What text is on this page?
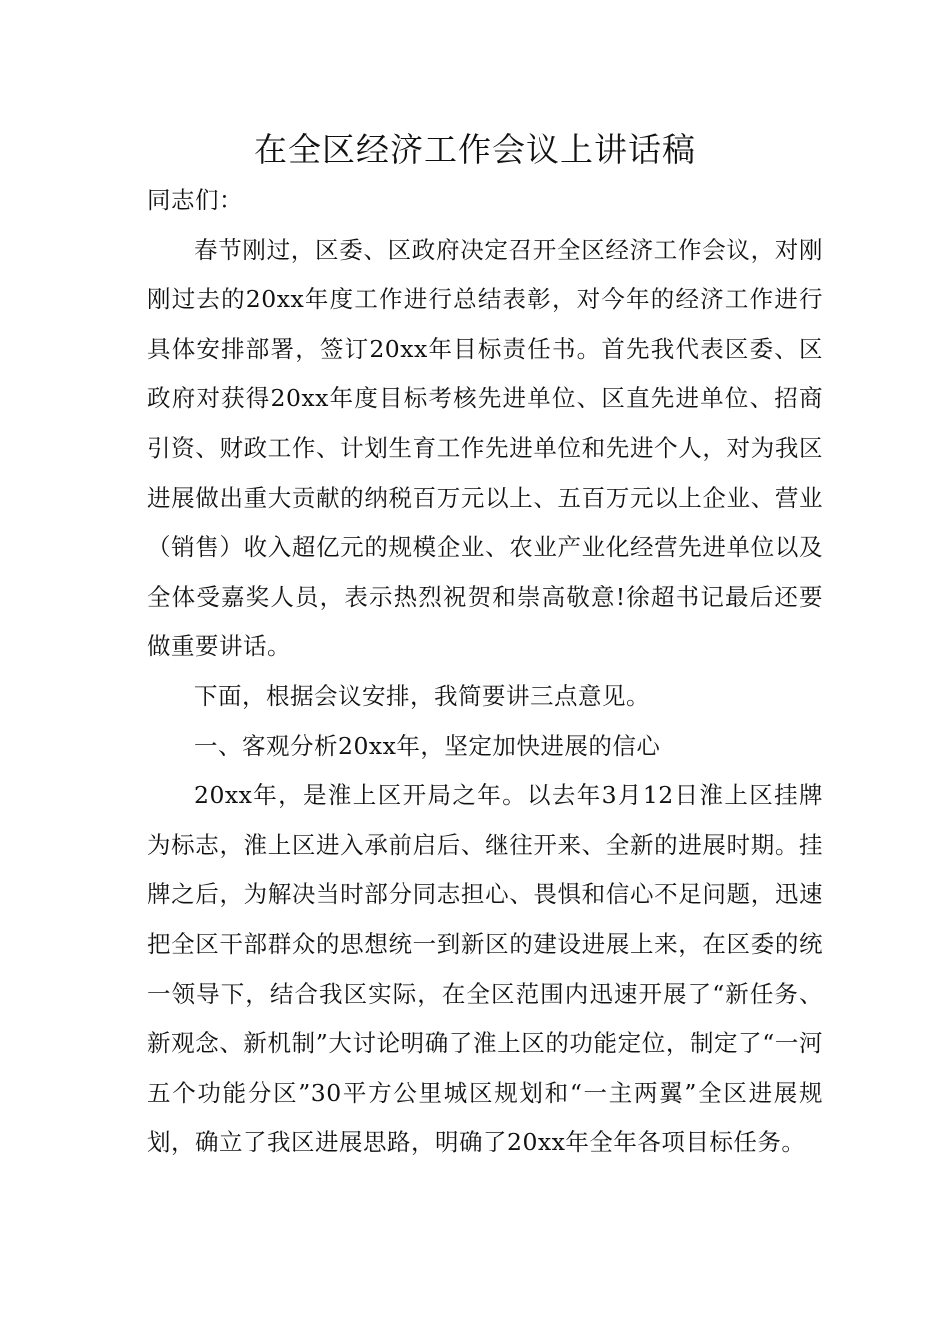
在全区经济工作会议上讲话稿

同志们：

春节刚过，区委、区政府决定召开全区经济工作会议，对刚刚过去的20xx年度工作进行总结表彰，对今年的经济工作进行具体安排部署，签订20xx年目标责任书。首先我代表区委、区政府对获得20xx年度目标考核先进单位、区直先进单位、招商引资、财政工作、计划生育工作先进单位和先进个人，对为我区进展做出重大贡献的纳税百万元以上、五百万元以上企业、营业（销售）收入超亿元的规模企业、农业产业化经营先进单位以及全体受嘉奖人员，表示热烈祝贺和崇高敬意!徐超书记最后还要做重要讲话。

下面，根据会议安排，我简要讲三点意见。

一、客观分析20xx年，坚定加快进展的信心

20xx年，是淮上区开局之年。以去年3月12日淮上区挂牌为标志，淮上区进入承前启后、继往开来、全新的进展时期。挂牌之后，为解决当时部分同志担心、畏惧和信心不足问题，迅速把全区干部群众的思想统一到新区的建设进展上来，在区委的统一领导下，结合我区实际，在全区范围内迅速开展了“新任务、新观念、新机制”大讨论明确了淮上区的功能定位，制定了“一河五个功能分区”30平方公里城区规划和“一主两翼”全区进展规划，确立了我区进展思路，明确了20xx年全年各项目标任务。
